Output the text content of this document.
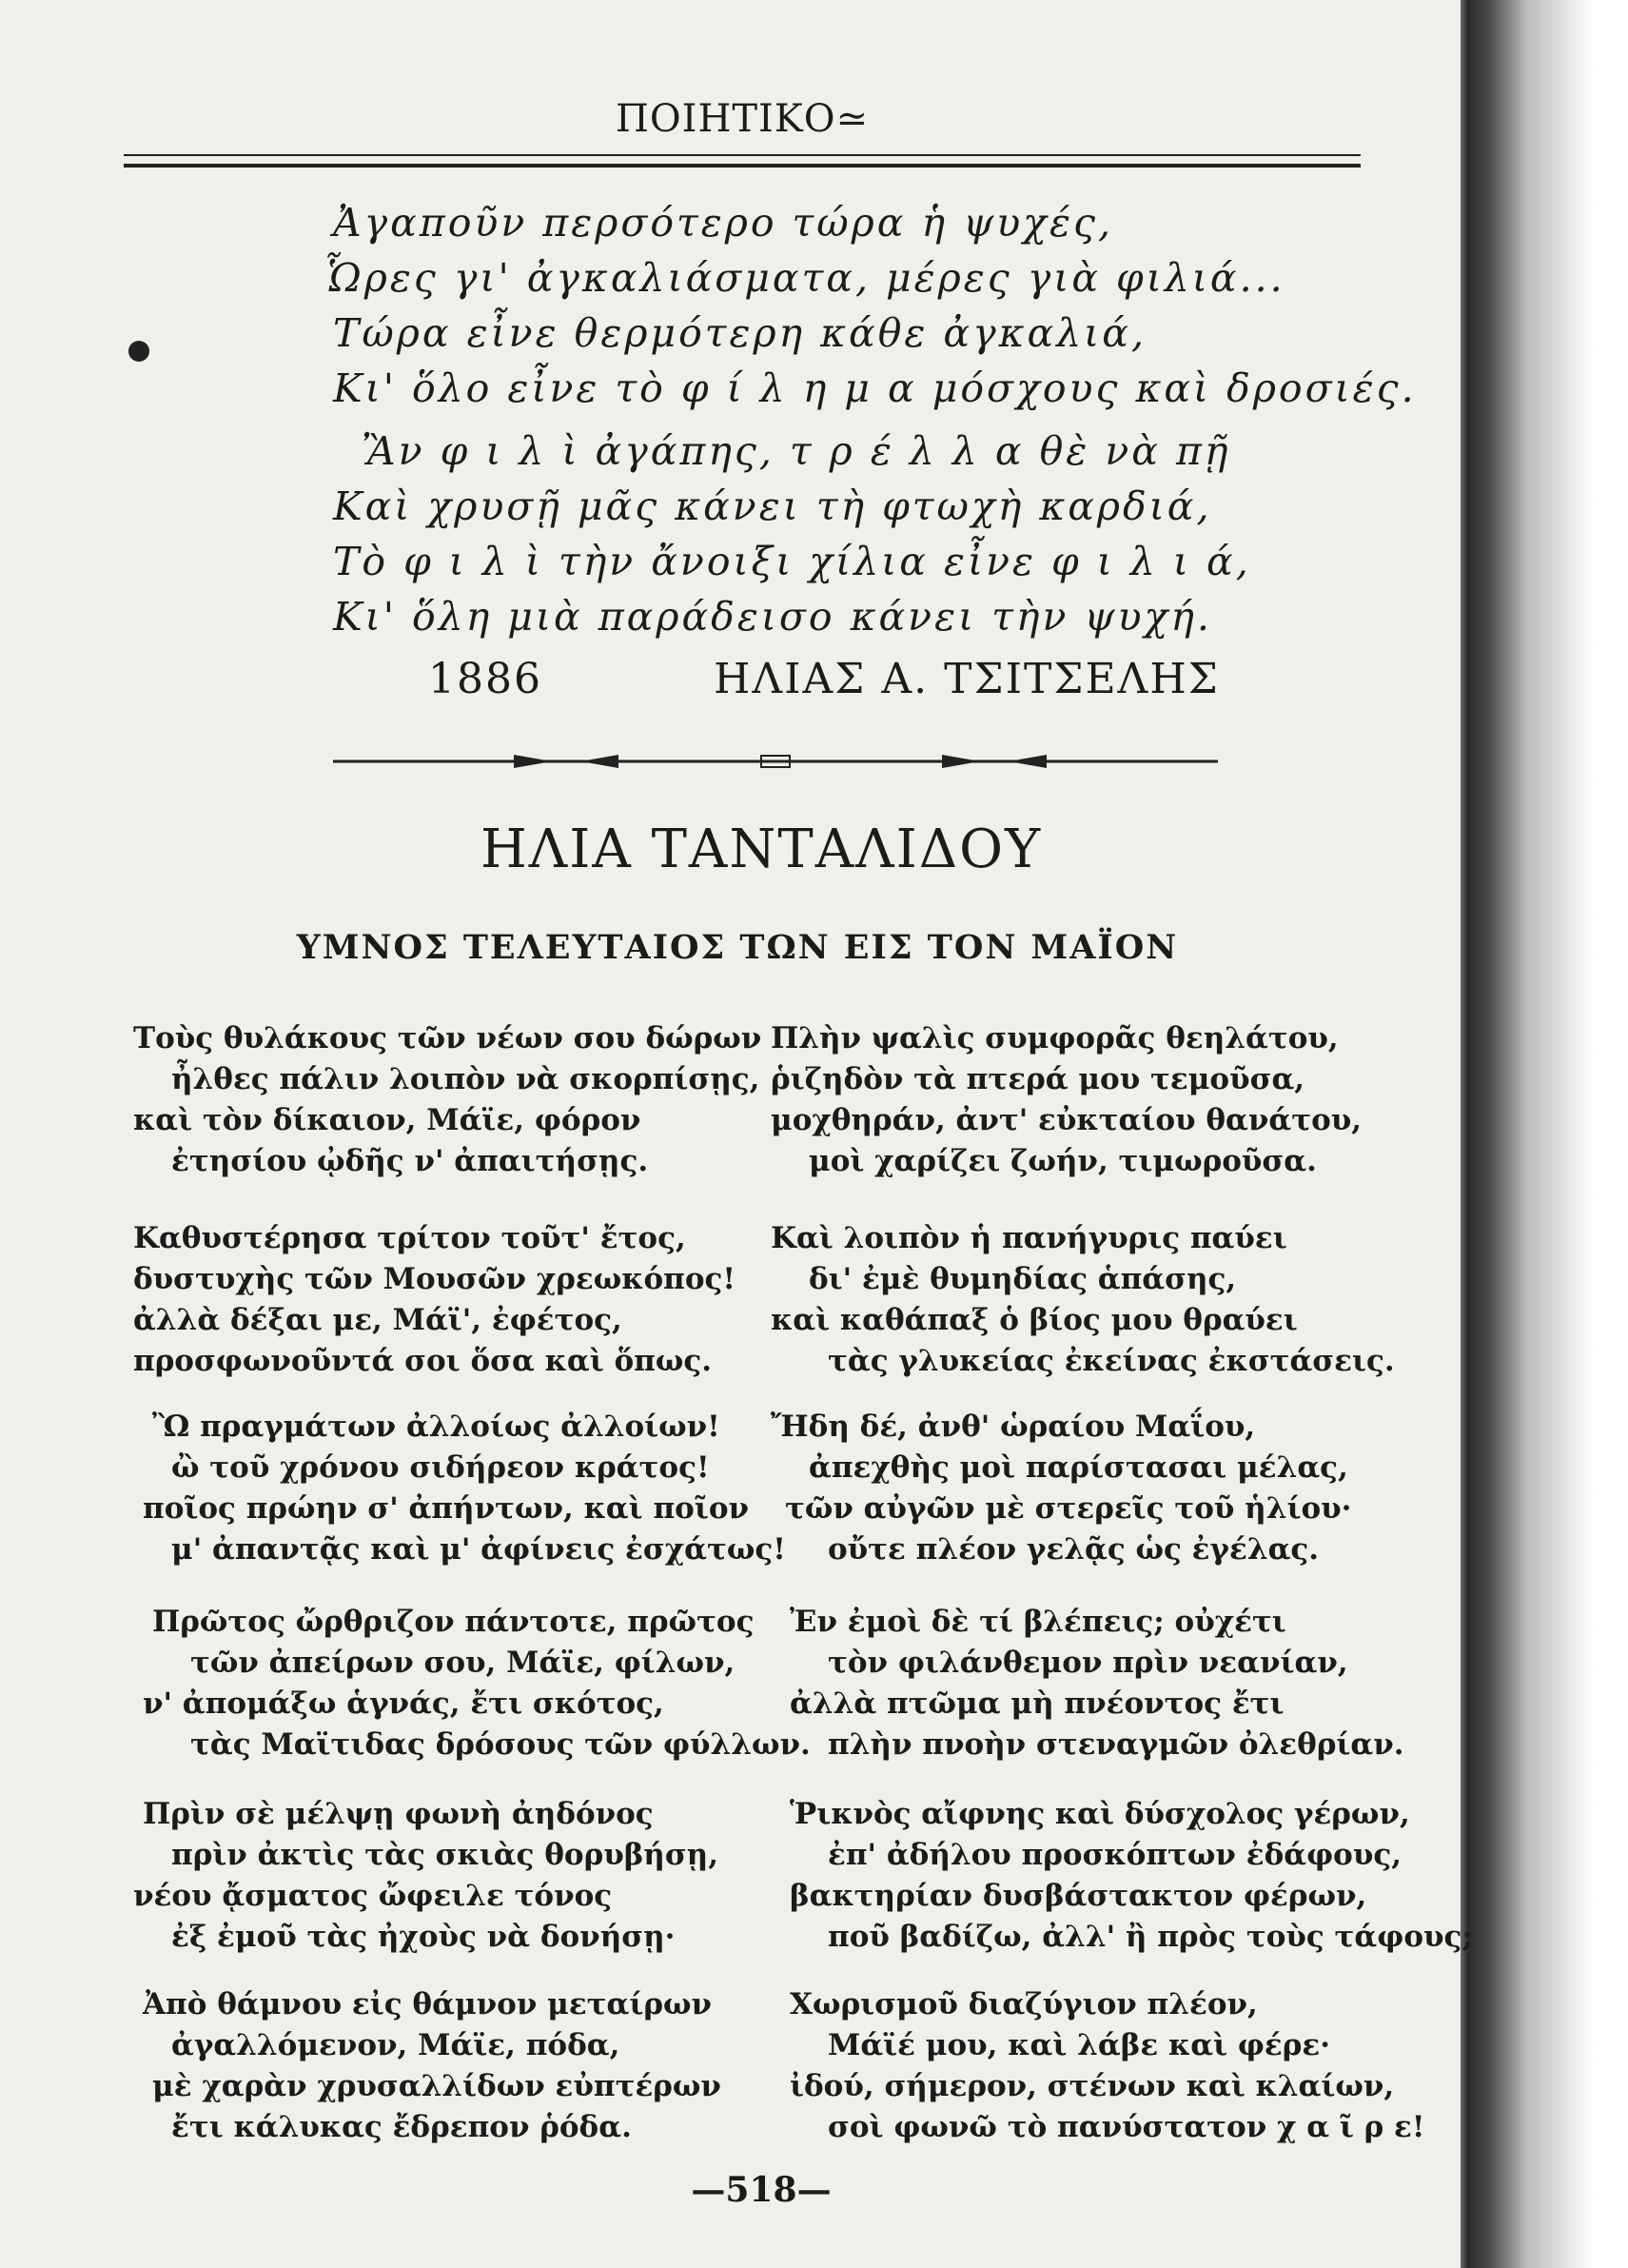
ΠΟΙΗΤΙΚΟ≃
Ἀγαποῦν περσότερο τώρα ἡ ψυχές,
Ὧρες γι' ἀγκαλιάσματα, μέρες γιὰ φιλιά...
Τώρα εἶνε θερμότερη κάθε ἀγκαλιά,
Κι' ὅλο εἶνε τὸ φ ί λ η μ α μόσχους καὶ δροσιές.
Ἂν φ ι λ ὶ ἀγάπης, τ ρ έ λ λ α θὲ νὰ πῇ
Καὶ χρυσῇ μᾶς κάνει τὴ φτωχὴ καρδιά,
Τὸ φ ι λ ὶ τὴν ἄνοιξι χίλια εἶνε φ ι λ ι ά,
Κι' ὅλη μιὰ παράδεισο κάνει τὴν ψυχή.
1886	ΗΛΙΑΣ Α. ΤΣΙΤΣΕΛΗΣ
ΗΛΙΑ ΤΑΝΤΑΛΙΔΟΥ
ΥΜΝΟΣ ΤΕΛΕΥΤΑΙΟΣ ΤΩΝ ΕΙΣ ΤΟΝ ΜΑΪΟΝ
Τοὺς θυλάκους τῶν νέων σου δώρων
ἦλθες πάλιν λοιπὸν νὰ σκορπίσῃς,
καὶ τὸν δίκαιον, Μάϊε, φόρον
ἐτησίου ᾠδῆς ν' ἀπαιτήσῃς.
Καθυστέρησα τρίτον τοῦτ' ἔτος,
δυστυχὴς τῶν Μουσῶν χρεωκόπος!
ἀλλὰ δέξαι με, Μάϊ', ἐφέτος,
προσφωνοῦντά σοι ὅσα καὶ ὅπως.
Ὢ πραγμάτων ἀλλοίως ἀλλοίων!
ὢ τοῦ χρόνου σιδήρεον κράτος!
ποῖος πρώην σ' ἀπήντων, καὶ ποῖον
μ' ἀπαντᾷς καὶ μ' ἀφίνεις ἐσχάτως!
Πρῶτος ὤρθριζον πάντοτε, πρῶτος
τῶν ἀπείρων σου, Μάϊε, φίλων,
ν' ἀπομάξω ἁγνάς, ἔτι σκότος,
τὰς Μαϊτιδας δρόσους τῶν φύλλων.
Πρὶν σὲ μέλψῃ φωνὴ ἀηδόνος
πρὶν ἀκτὶς τὰς σκιὰς θορυβήσῃ,
νέου ᾄσματος ὤφειλε τόνος
ἐξ ἐμοῦ τὰς ἠχοὺς νὰ δονήσῃ·
Ἀπὸ θάμνου εἰς θάμνον μεταίρων
ἀγαλλόμενον, Μάϊε, πόδα,
μὲ χαρὰν χρυσαλλίδων εὐπτέρων
ἔτι κάλυκας ἔδρεπον ῥόδα.
Πλὴν ψαλὶς συμφορᾶς θεηλάτου,
ῥιζηδὸν τὰ πτερά μου τεμοῦσα,
μοχθηράν, ἀντ' εὐκταίου θανάτου,
μοὶ χαρίζει ζωήν, τιμωροῦσα.
Καὶ λοιπὸν ἡ πανήγυρις παύει
δι' ἐμὲ θυμηδίας ἁπάσης,
καὶ καθάπαξ ὁ βίος μου θραύει
τὰς γλυκείας ἐκείνας ἐκστάσεις.
Ἤδη δέ, ἀνθ' ὡραίου Μαΐου,
ἀπεχθὴς μοὶ παρίστασαι μέλας,
τῶν αὐγῶν μὲ στερεῖς τοῦ ἡλίου·
οὔτε πλέον γελᾷς ὡς ἐγέλας.
Ἐν ἐμοὶ δὲ τί βλέπεις; οὐχέτι
τὸν φιλάνθεμον πρὶν νεανίαν,
ἀλλὰ πτῶμα μὴ πνέοντος ἔτι
πλὴν πνοὴν στεναγμῶν ὀλεθρίαν.
Ῥικνὸς αἴφνης καὶ δύσχολος γέρων,
ἐπ' ἀδήλου προσκόπτων ἐδάφους,
βακτηρίαν δυσβάστακτον φέρων,
ποῦ βαδίζω, ἀλλ' ἢ πρὸς τοὺς τάφους;
Χωρισμοῦ διαζύγιον πλέον,
Μάϊέ μου, καὶ λάβε καὶ φέρε·
ἰδού, σήμερον, στένων καὶ κλαίων,
σοὶ φωνῶ τὸ πανύστατον χ α ῖ ρ ε!
—518—
